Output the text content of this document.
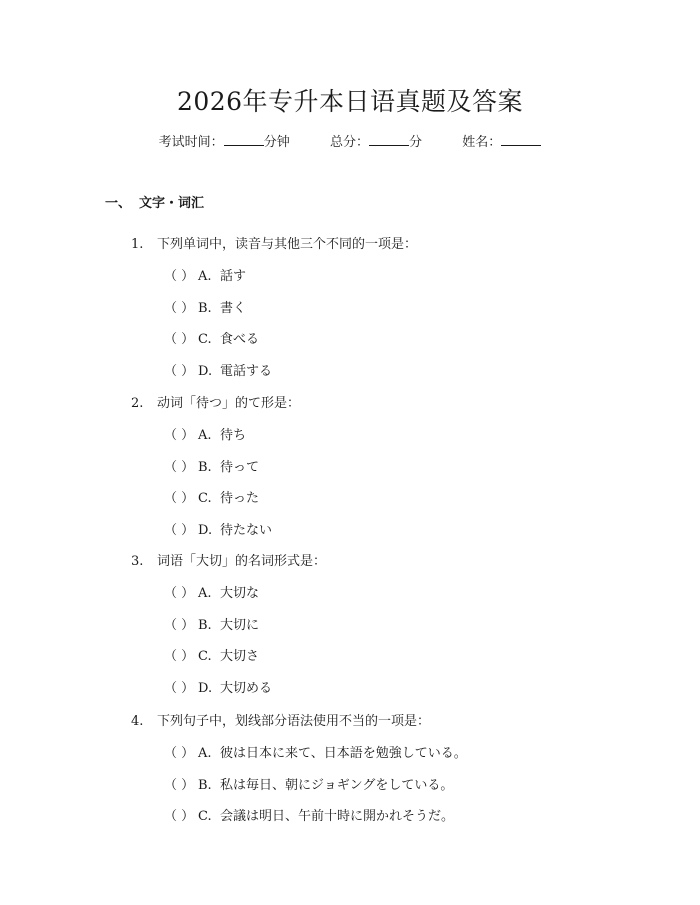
2026年专升本日语真题及答案
考试时间：	分钟	总分：	分	姓名：
一、 文字・词汇
1. 下列单词中，读音与其他三个不同的一项是：
（ ） A. 話す
（ ） B. 書く
（ ） C. 食べる
（ ） D. 電話する
2. 动词「待つ」的て形是：
（ ） A. 待ち
（ ） B. 待って
（ ） C. 待った
（ ） D. 待たない
3. 词语「大切」的名词形式是：
（ ） A. 大切な
（ ） B. 大切に
（ ） C. 大切さ
（ ） D. 大切める
4. 下列句子中，划线部分语法使用不当的一项是：
（ ） A. 彼は日本に来て、日本語を勉強している。
（ ） B. 私は毎日、朝にジョギングをしている。
（ ） C. 会議は明日、午前十時に開かれそうだ。
